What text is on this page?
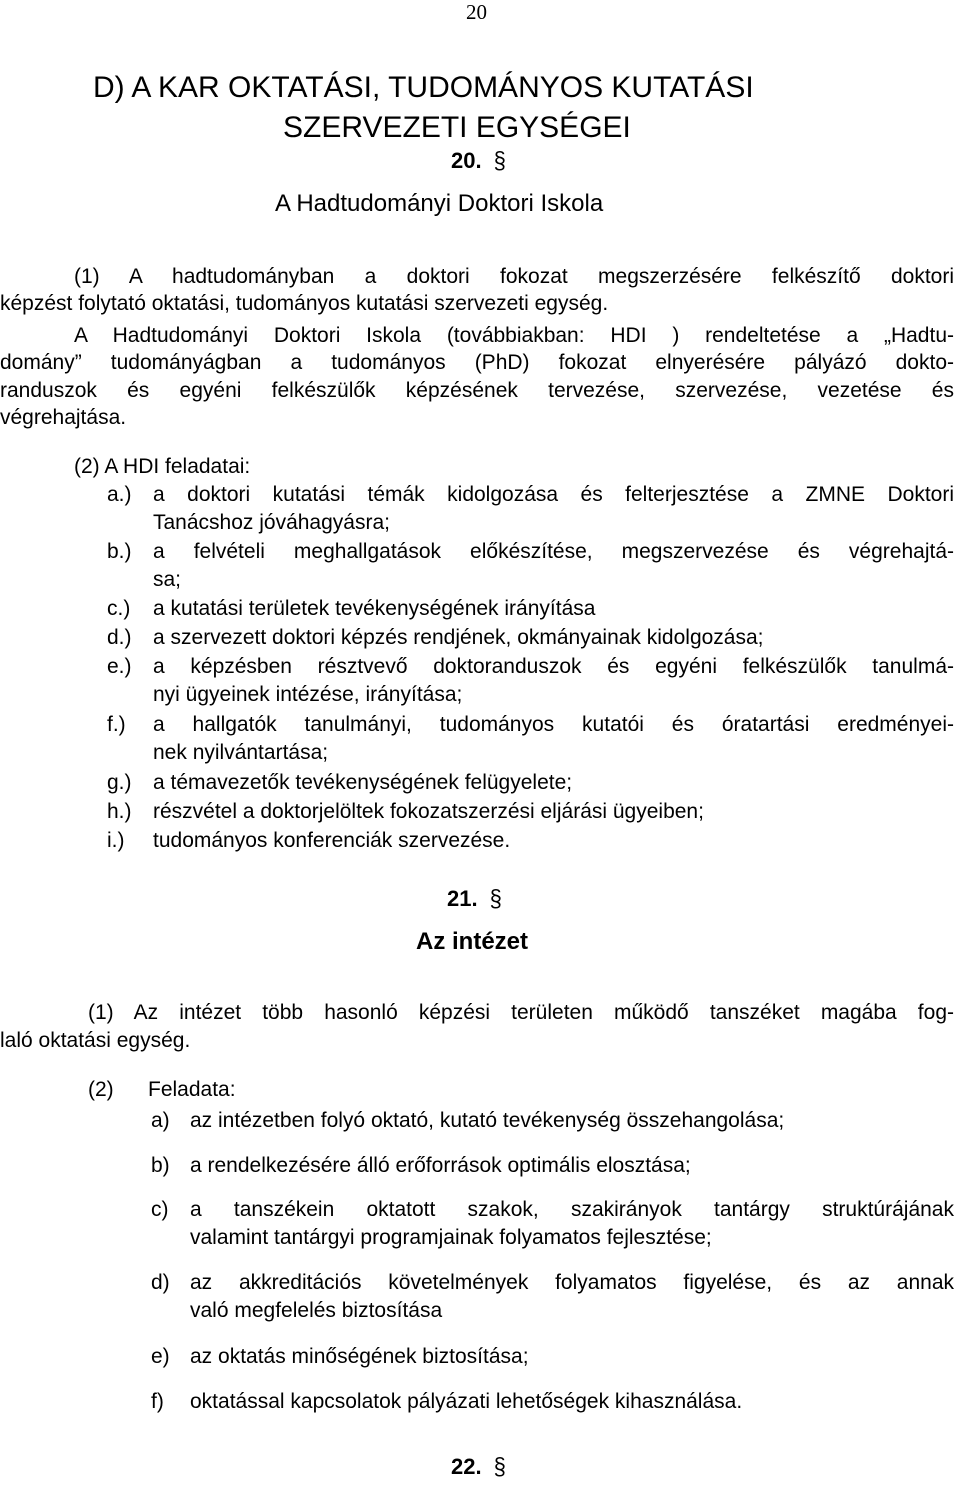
20
D) A KAR OKTATÁSI, TUDOMÁNYOS KUTATÁSI
SZERVEZETI EGYSÉGEI
20. §
A Hadtudományi Doktori Iskola
(1) A hadtudományban a doktori fokozat megszerzésére felkészítő doktori
képzést folytató oktatási, tudományos kutatási szervezeti egység.
A Hadtudományi Doktori Iskola (továbbiakban: HDI ) rendeltetése a „Hadtu-
domány” tudományágban a tudományos (PhD) fokozat elnyerésére pályázó dokto-
randuszok és egyéni felkészülők képzésének tervezése, szervezése, vezetése és
végrehajtása.
(2) A HDI feladatai:
a.) a doktori kutatási témák kidolgozása és felterjesztése a ZMNE Doktori
Tanácshoz jóváhagyásra;
b.) a felvételi meghallgatások előkészítése, megszervezése és végrehajtá-
sa;
c.) a kutatási területek tevékenységének irányítása
d.) a szervezett doktori képzés rendjének, okmányainak kidolgozása;
e.) a képzésben résztvevő doktoranduszok és egyéni felkészülők tanulmá-
nyi ügyeinek intézése, irányítása;
f.) a hallgatók tanulmányi, tudományos kutatói és óratartási eredményei-
nek nyilvántartása;
g.) a témavezetők tevékenységének felügyelete;
h.) részvétel a doktorjelöltek fokozatszerzési eljárási ügyeiben;
i.) tudományos konferenciák szervezése.
21. §
Az intézet
(1) Az intézet több hasonló képzési területen működő tanszéket magába fog-
laló oktatási egység.
(2) Feladata:
a) az intézetben folyó oktató, kutató tevékenység összehangolása;
b) a rendelkezésére álló erőforrások optimális elosztása;
c) a tanszékein oktatott szakok, szakirányok tantárgy struktúrájának
valamint tantárgyi programjainak folyamatos fejlesztése;
d) az akkreditációs követelmények folyamatos figyelése, és az annak
való megfelelés biztosítása
e) az oktatás minőségének biztosítása;
f) oktatással kapcsolatok pályázati lehetőségek kihasználása.
22. §
